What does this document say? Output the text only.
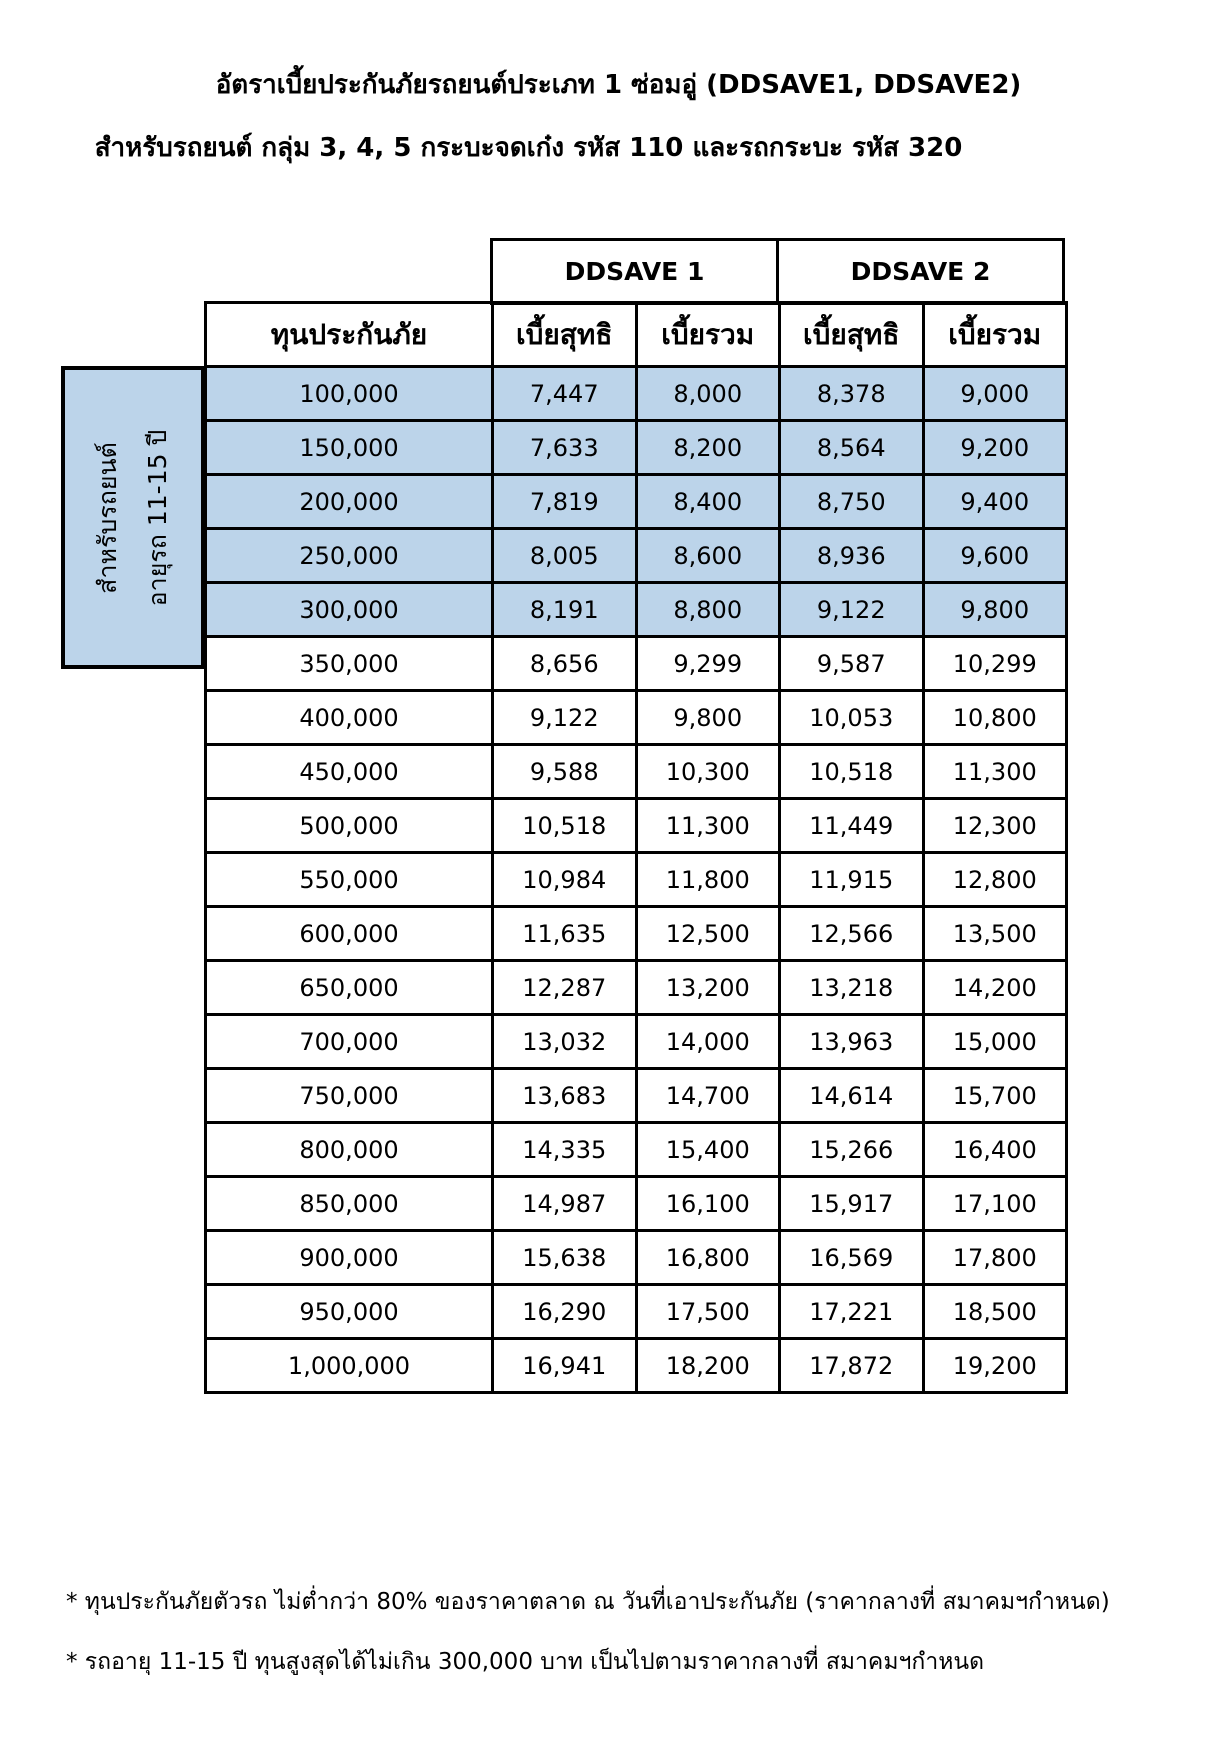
อัตราเบี้ยประกันภัยรถยนต์ประเภท 1 ซ่อมอู่ (DDSAVE1, DDSAVE2)
สำหรับรถยนต์ กลุ่ม 3, 4, 5 กระบะจดเก๋ง รหัส 110 และรถกระบะ รหัส 320
DDSAVE 1	DDSAVE 2
สำหรับรถยนต์ อายุรถ 11-15 ปี
ทุนประกันภัย	เบี้ยสุทธิ	เบี้ยรวม	เบี้ยสุทธิ	เบี้ยรวม
100,000	7,447	8,000	8,378	9,000
150,000	7,633	8,200	8,564	9,200
200,000	7,819	8,400	8,750	9,400
250,000	8,005	8,600	8,936	9,600
300,000	8,191	8,800	9,122	9,800
350,000	8,656	9,299	9,587	10,299
400,000	9,122	9,800	10,053	10,800
450,000	9,588	10,300	10,518	11,300
500,000	10,518	11,300	11,449	12,300
550,000	10,984	11,800	11,915	12,800
600,000	11,635	12,500	12,566	13,500
650,000	12,287	13,200	13,218	14,200
700,000	13,032	14,000	13,963	15,000
750,000	13,683	14,700	14,614	15,700
800,000	14,335	15,400	15,266	16,400
850,000	14,987	16,100	15,917	17,100
900,000	15,638	16,800	16,569	17,800
950,000	16,290	17,500	17,221	18,500
1,000,000	16,941	18,200	17,872	19,200
* ทุนประกันภัยตัวรถ ไม่ต่ำกว่า 80% ของราคาตลาด ณ วันที่เอาประกันภัย (ราคากลางที่ สมาคมฯกำหนด)
* รถอายุ 11-15 ปี ทุนสูงสุดได้ไม่เกิน 300,000 บาท เป็นไปตามราคากลางที่ สมาคมฯกำหนด
